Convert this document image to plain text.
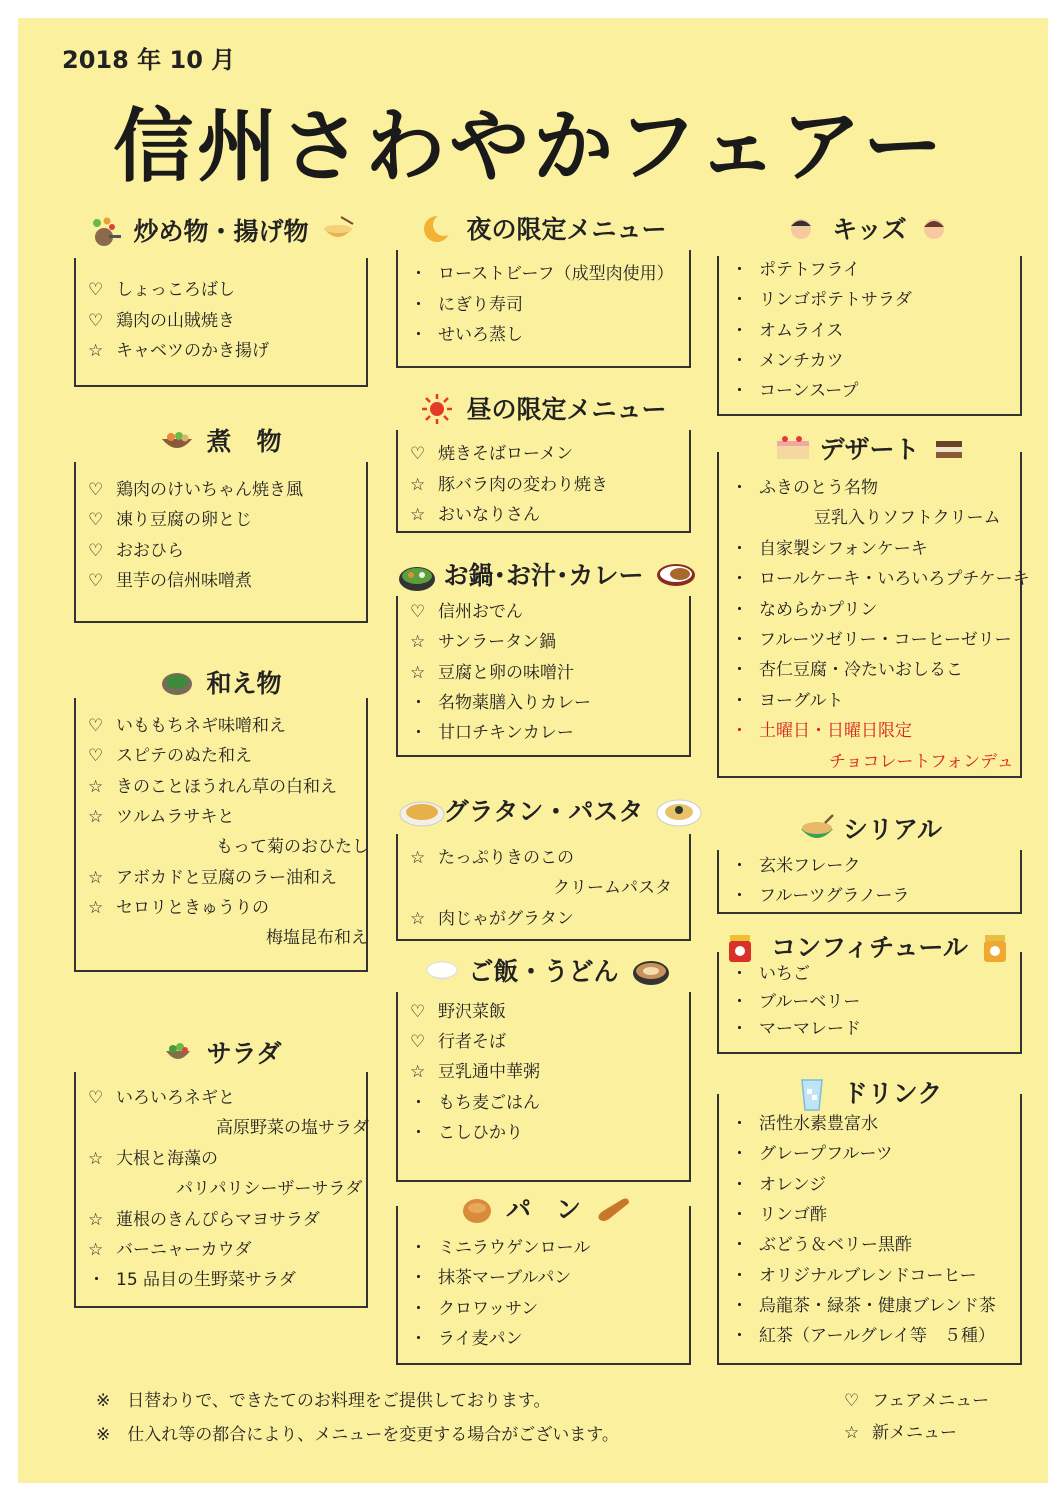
2018 年 10 月
信州さわやかフェアー
炒め物・揚げ物
♡ しょっころばし
♡ 鶏肉の山賊焼き
☆ キャベツのかき揚げ
煮　物
♡ 鶏肉のけいちゃん焼き風
♡ 凍り豆腐の卵とじ
♡ おおひら
♡ 里芋の信州味噌煮
和え物
♡ いももちネギ味噌和え
♡ スピテのぬた和え
☆ きのことほうれん草の白和え
☆ ツルムラサキと
もって菊のおひたし
☆ アボカドと豆腐のラー油和え
☆ セロリときゅうりの
梅塩昆布和え
サラダ
♡ いろいろネギと
高原野菜の塩サラダ
☆ 大根と海藻の
パリパリシーザーサラダ
☆ 蓮根のきんぴらマヨサラダ
☆ バーニャーカウダ
・ 15 品目の生野菜サラダ
夜の限定メニュー
・ ローストビーフ（成型肉使用）
・ にぎり寿司
・ せいろ蒸し
昼の限定メニュー
♡ 焼きそばローメン
☆ 豚バラ肉の変わり焼き
☆ おいなりさん
お鍋･お汁･カレー
♡ 信州おでん
☆ サンラータン鍋
☆ 豆腐と卵の味噌汁
・ 名物薬膳入りカレー
・ 甘口チキンカレー
グラタン・パスタ
☆ たっぷりきのこの
クリームパスタ
☆ 肉じゃがグラタン
ご飯・うどん
♡ 野沢菜飯
♡ 行者そば
☆ 豆乳通中華粥
・ もち麦ごはん
・ こしひかり
パ　ン
・ ミニラウゲンロール
・ 抹茶マーブルパン
・ クロワッサン
・ ライ麦パン
キッズ
・ ポテトフライ
・ リンゴポテトサラダ
・ オムライス
・ メンチカツ
・ コーンスープ
デザート
・ ふきのとう名物
豆乳入りソフトクリーム
・ 自家製シフォンケーキ
・ ロールケーキ・いろいろプチケーキ
・ なめらかプリン
・ フルーツゼリー・コーヒーゼリー
・ 杏仁豆腐・冷たいおしるこ
・ ヨーグルト
・ 土曜日・日曜日限定
チョコレートフォンデュ
シリアル
・ 玄米フレーク
・ フルーツグラノーラ
コンフィチュール
・ いちご
・ ブルーベリー
・ マーマレード
ドリンク
・ 活性水素豊富水
・ グレープフルーツ
・ オレンジ
・ リンゴ酢
・ ぶどう＆ベリー黒酢
・ オリジナルブレンドコーヒー
・ 烏龍茶・緑茶・健康ブレンド茶
・ 紅茶（アールグレイ等　５種）
※　日替わりで、できたてのお料理をご提供しております。
※　仕入れ等の都合により、メニューを変更する場合がございます。
♡ フェアメニュー
☆ 新メニュー
